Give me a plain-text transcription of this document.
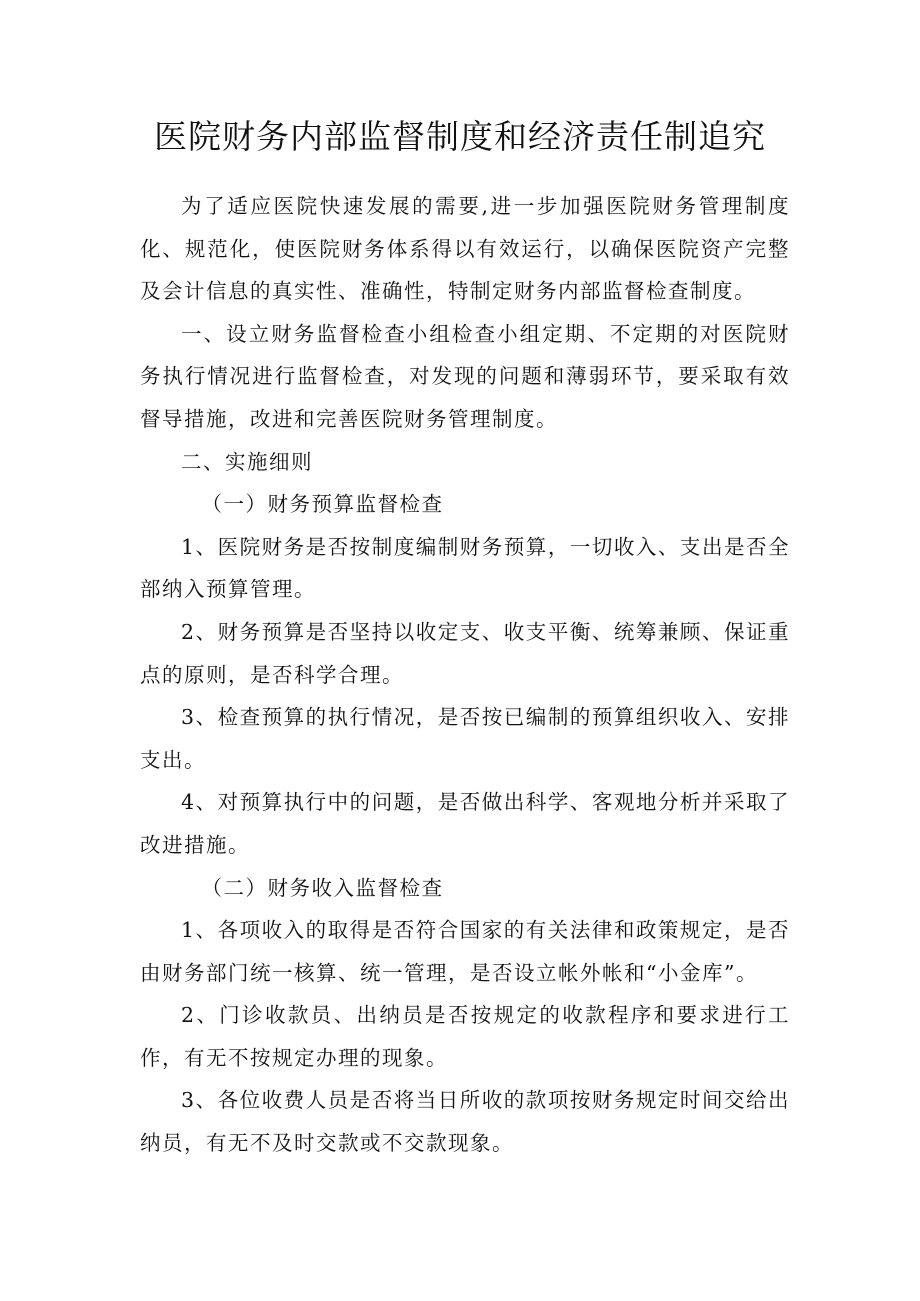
医院财务内部监督制度和经济责任制追究

为了适应医院快速发展的需要,进一步加强医院财务管理制度化、规范化，使医院财务体系得以有效运行，以确保医院资产完整及会计信息的真实性、准确性，特制定财务内部监督检查制度。

一、设立财务监督检查小组检查小组定期、不定期的对医院财务执行情况进行监督检查，对发现的问题和薄弱环节，要采取有效督导措施，改进和完善医院财务管理制度。

二、实施细则

（一）财务预算监督检查

1、医院财务是否按制度编制财务预算，一切收入、支出是否全部纳入预算管理。

2、财务预算是否坚持以收定支、收支平衡、统筹兼顾、保证重点的原则，是否科学合理。

3、检查预算的执行情况，是否按已编制的预算组织收入、安排支出。

4、对预算执行中的问题，是否做出科学、客观地分析并采取了改进措施。

（二）财务收入监督检查

1、各项收入的取得是否符合国家的有关法律和政策规定，是否由财务部门统一核算、统一管理，是否设立帐外帐和“小金库”。

2、门诊收款员、出纳员是否按规定的收款程序和要求进行工作，有无不按规定办理的现象。

3、各位收费人员是否将当日所收的款项按财务规定时间交给出纳员，有无不及时交款或不交款现象。
